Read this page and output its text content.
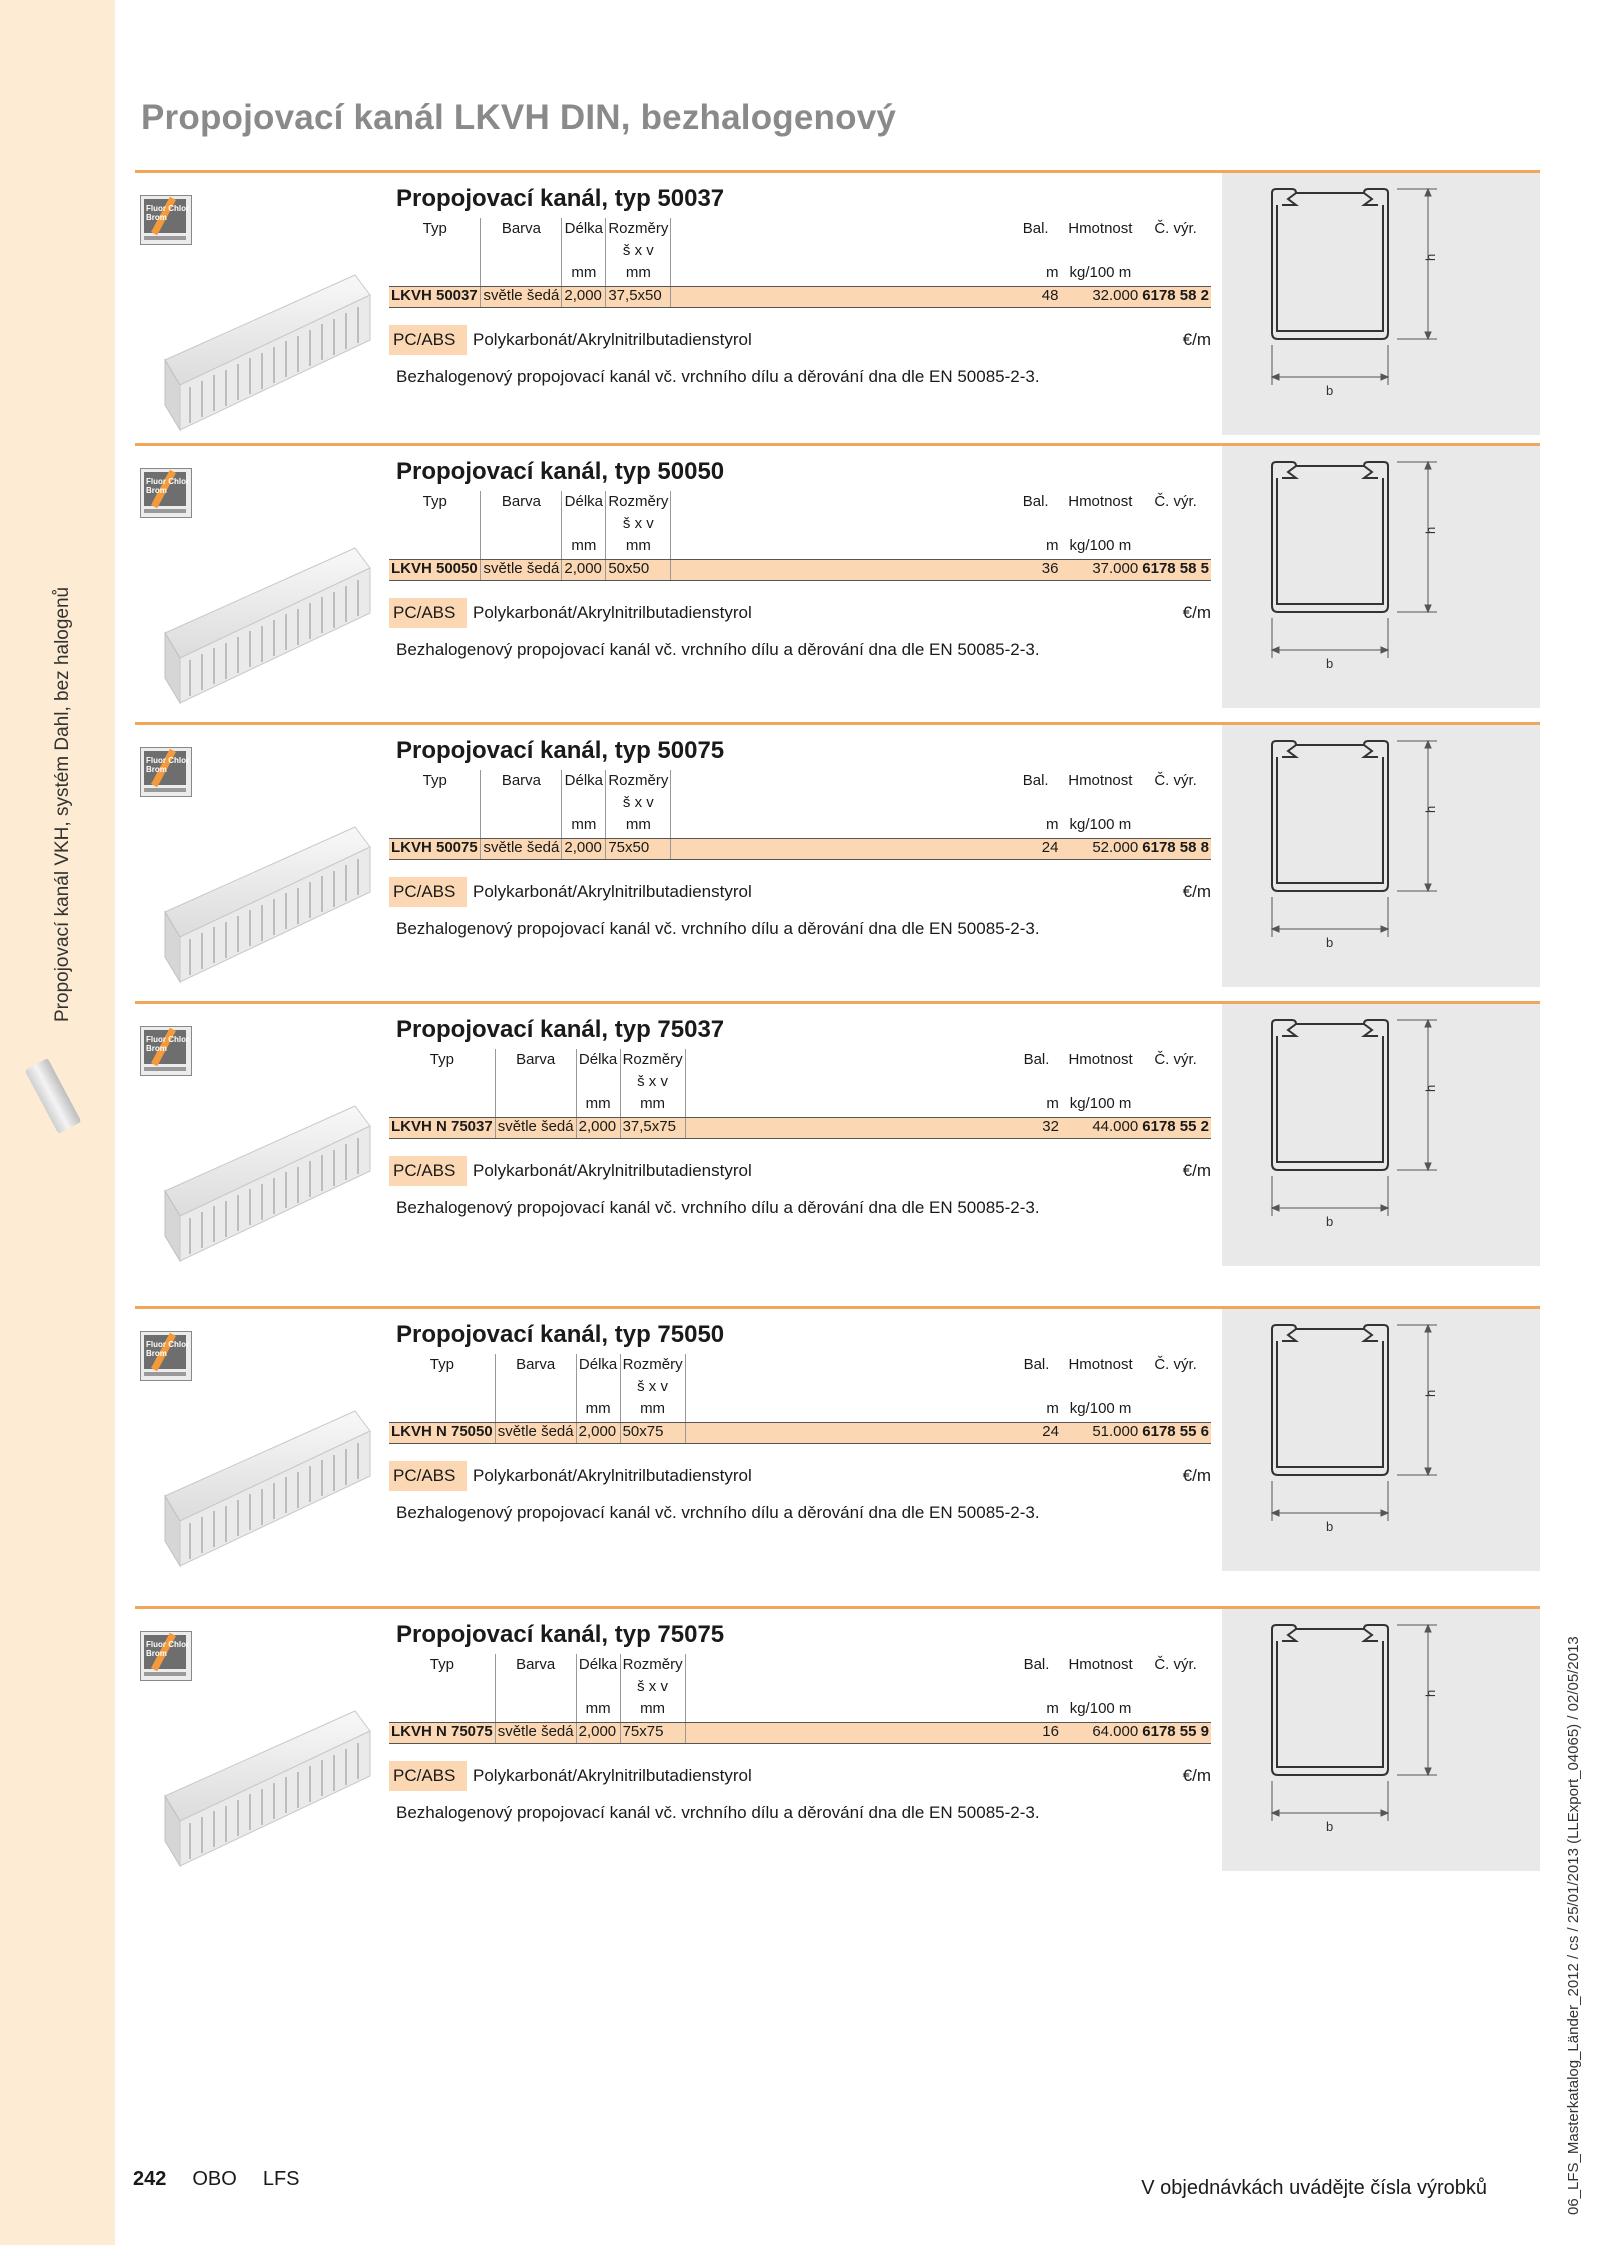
Propojovací kanál VKH, systém Dahl, bez halogenů
06_LFS_Masterkatalog_Länder_2012 / cs / 25/01/2013 (LLExport_04065) / 02/05/2013
Propojovací kanál LKVH DIN, bezhalogenový
Fluor Chlor Brom
Propojovací kanál, typ 50037
Typ	Barva	Délka	Rozměry		Bal.	Hmotnost	Č. výr.
			š x v				
		mm	mm		m	kg/100 m	
LKVH 50037	světle šedá	2,000	37,5x50		48	32.000	6178 58 2
PC/ABS	Polykarbonát/Akrylnitrilbutadienstyrol	€/m

Bezhalogenový propojovací kanál vč. vrchního dílu a děrování dna dle EN 50085-2-3.

h
b
Fluor Chlor Brom
Propojovací kanál, typ 50050
Typ	Barva	Délka	Rozměry		Bal.	Hmotnost	Č. výr.
			š x v				
		mm	mm		m	kg/100 m	
LKVH 50050	světle šedá	2,000	50x50		36	37.000	6178 58 5
PC/ABS	Polykarbonát/Akrylnitrilbutadienstyrol	€/m

Bezhalogenový propojovací kanál vč. vrchního dílu a děrování dna dle EN 50085-2-3.

h
b
Fluor Chlor Brom
Propojovací kanál, typ 50075
Typ	Barva	Délka	Rozměry		Bal.	Hmotnost	Č. výr.
			š x v				
		mm	mm		m	kg/100 m	
LKVH 50075	světle šedá	2,000	75x50		24	52.000	6178 58 8
PC/ABS	Polykarbonát/Akrylnitrilbutadienstyrol	€/m

Bezhalogenový propojovací kanál vč. vrchního dílu a děrování dna dle EN 50085-2-3.

h
b
Fluor Chlor Brom
Propojovací kanál, typ 75037
Typ	Barva	Délka	Rozměry		Bal.	Hmotnost	Č. výr.
			š x v				
		mm	mm		m	kg/100 m	
LKVH N 75037	světle šedá	2,000	37,5x75		32	44.000	6178 55 2
PC/ABS	Polykarbonát/Akrylnitrilbutadienstyrol	€/m

Bezhalogenový propojovací kanál vč. vrchního dílu a děrování dna dle EN 50085-2-3.

h
b
Fluor Chlor Brom
Propojovací kanál, typ 75050
Typ	Barva	Délka	Rozměry		Bal.	Hmotnost	Č. výr.
			š x v				
		mm	mm		m	kg/100 m	
LKVH N 75050	světle šedá	2,000	50x75		24	51.000	6178 55 6
PC/ABS	Polykarbonát/Akrylnitrilbutadienstyrol	€/m

Bezhalogenový propojovací kanál vč. vrchního dílu a děrování dna dle EN 50085-2-3.

h
b
Fluor Chlor Brom
Propojovací kanál, typ 75075
Typ	Barva	Délka	Rozměry		Bal.	Hmotnost	Č. výr.
			š x v				
		mm	mm		m	kg/100 m	
LKVH N 75075	světle šedá	2,000	75x75		16	64.000	6178 55 9
PC/ABS	Polykarbonát/Akrylnitrilbutadienstyrol	€/m

Bezhalogenový propojovací kanál vč. vrchního dílu a děrování dna dle EN 50085-2-3.

h
b
242 OBO LFS	V objednávkách uvádějte čísla výrobků
